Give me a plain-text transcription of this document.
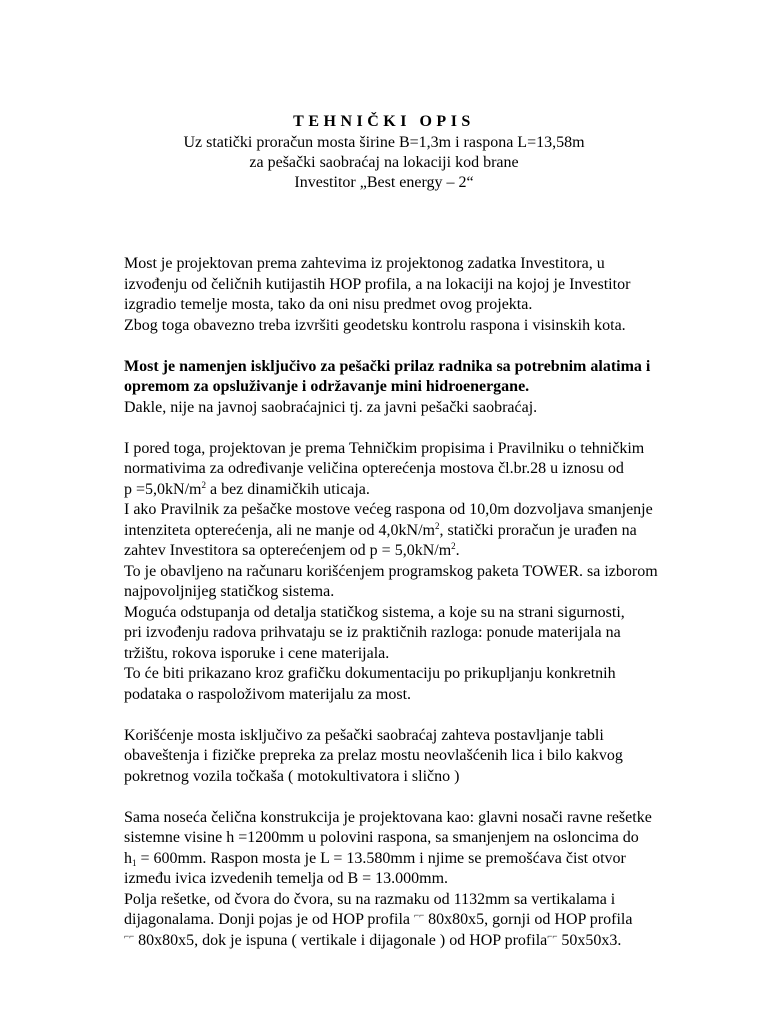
TEHNIČKI OPIS
Uz statički proračun mosta širine B=1,3m i raspona L=13,58m
za pešački saobraćaj na lokaciji kod brane
Investitor „Best energy – 2“
Most je projektovan prema zahtevima iz projektonog zadatka Investitora, u
izvođenju od čeličnih kutijastih HOP profila, a na lokaciji na kojoj je Investitor
izgradio temelje mosta, tako da oni nisu predmet ovog projekta.
Zbog toga obavezno treba izvršiti geodetsku kontrolu raspona i visinskih kota.
Most je namenjen isključivo za pešački prilaz radnika sa potrebnim alatima i
opremom za opsluživanje i održavanje mini hidroenergane.
Dakle, nije na javnoj saobraćajnici tj. za javni pešački saobraćaj.
I pored toga, projektovan je prema Tehničkim propisima i Pravilniku o tehničkim
normativima za određivanje veličina opterećenja mostova čl.br.28 u iznosu od
$p =5,0kN/m^2$ a bez dinamičkih uticaja.
I ako Pravilnik za pešačke mostove većeg raspona od 10,0m dozvoljava smanjenje
intenziteta opterećenja, ali ne manje od $4,0kN/m^2$, statički proračun je urađen na
zahtev Investitora sa opterećenjem od $p = 5,0kN/m^2$.
To je obavljeno na računaru korišćenjem programskog paketa TOWER. sa izborom
najpovoljnijeg statičkog sistema.
Moguća odstupanja od detalja statičkog sistema, a koje su na strani sigurnosti,
pri izvođenju radova prihvataju se iz praktičnih razloga: ponude materijala na
tržištu, rokova isporuke i cene materijala.
To će biti prikazano kroz grafičku dokumentaciju po prikupljanju konkretnih
podataka o raspoloživom materijalu za most.
Korišćenje mosta isključivo za pešački saobraćaj zahteva postavljanje tabli
obaveštenja i fizičke prepreka za prelaz mostu neovlašćenih lica i bilo kakvog
pokretnog vozila točkaša ( motokultivatora i slično )
Sama noseća čelična konstrukcija je projektovana kao: glavni nosači ravne rešetke
sistemne visine h =1200mm u polovini raspona, sa smanjenjem na osloncima do
$h_1 = 600mm$. Raspon mosta je L = 13.580mm i njime se premošćava čist otvor
između ivica izvedenih temelja od B = 13.000mm.
Polja rešetke, od čvora do čvora, su na razmaku od 1132mm sa vertikalama i
dijagonalama. Donji pojas je od HOP profila ⌐⌐ 80x80x5, gornji od HOP profila
⌐⌐ 80x80x5, dok je ispuna ( vertikale i dijagonale ) od HOP profila⌐⌐ 50x50x3.
